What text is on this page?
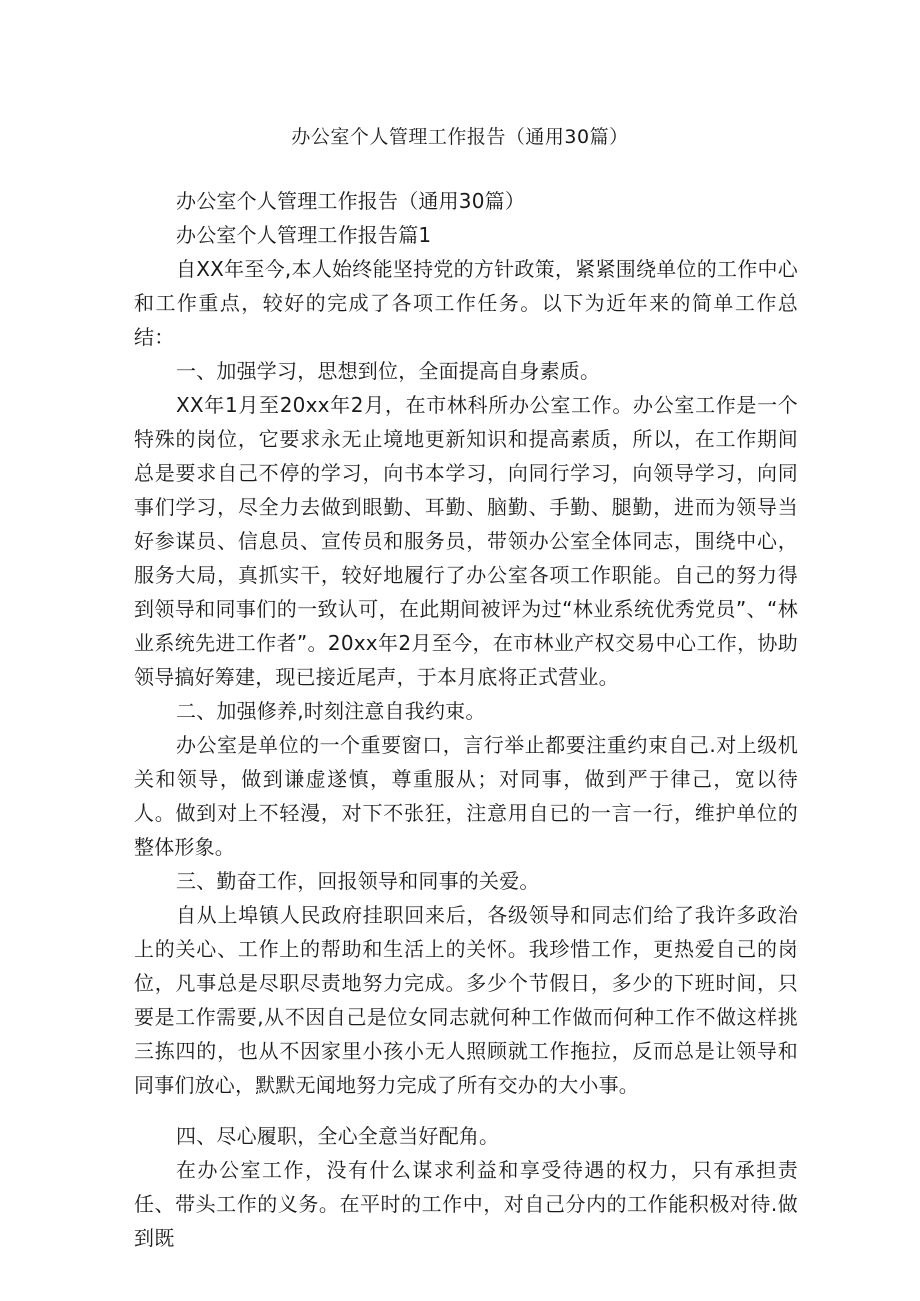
办公室个人管理工作报告（通用30篇）

办公室个人管理工作报告（通用30篇）

办公室个人管理工作报告篇1

自XX年至今,本人始终能坚持党的方针政策，紧紧围绕单位的工作中心和工作重点，较好的完成了各项工作任务。以下为近年来的简单工作总结：

一、加强学习，思想到位，全面提高自身素质。

XX年1月至20xx年2月，在市林科所办公室工作。办公室工作是一个特殊的岗位，它要求永无止境地更新知识和提高素质，所以，在工作期间总是要求自己不停的学习，向书本学习，向同行学习，向领导学习，向同事们学习，尽全力去做到眼勤、耳勤、脑勤、手勤、腿勤，进而为领导当好参谋员、信息员、宣传员和服务员，带领办公室全体同志，围绕中心，服务大局，真抓实干，较好地履行了办公室各项工作职能。自己的努力得到领导和同事们的一致认可，在此期间被评为过“林业系统优秀党员”、“林业系统先进工作者”。20xx年2月至今，在市林业产权交易中心工作，协助领导搞好筹建，现已接近尾声，于本月底将正式营业。

二、加强修养,时刻注意自我约束。

办公室是单位的一个重要窗口，言行举止都要注重约束自己.对上级机关和领导，做到谦虚遂慎，尊重服从；对同事，做到严于律己，宽以待人。做到对上不轻漫，对下不张狂，注意用自已的一言一行，维护单位的整体形象。

三、勤奋工作，回报领导和同事的关爱。

自从上埠镇人民政府挂职回来后，各级领导和同志们给了我许多政治上的关心、工作上的帮助和生活上的关怀。我珍惜工作，更热爱自己的岗位，凡事总是尽职尽责地努力完成。多少个节假日，多少的下班时间，只要是工作需要,从不因自己是位女同志就何种工作做而何种工作不做这样挑三拣四的，也从不因家里小孩小无人照顾就工作拖拉，反而总是让领导和同事们放心，默默无闻地努力完成了所有交办的大小事。

四、尽心履职，全心全意当好配角。

在办公室工作，没有什么谋求利益和享受待遇的权力，只有承担责任、带头工作的义务。在平时的工作中，对自己分内的工作能积极对待.做到既
